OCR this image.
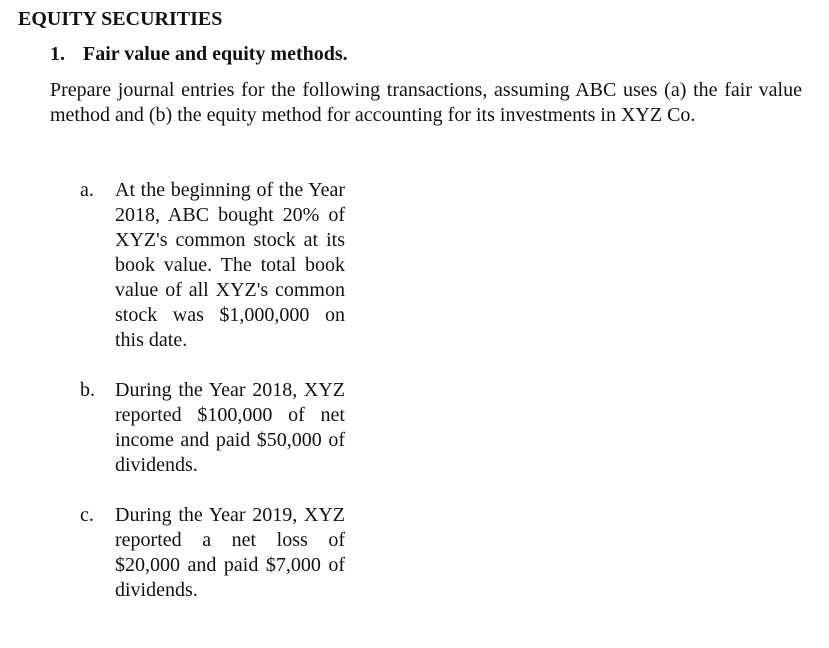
EQUITY SECURITIES
1. Fair value and equity methods.

Prepare journal entries for the following transactions, assuming ABC uses (a) the fair value method and (b) the equity method for accounting for its investments in XYZ Co.

a.	At the beginning of the Year 2018, ABC bought 20% of XYZ's common stock at its book value. The total book value of all XYZ's common stock was $1,000,000 on this date.
b.	During the Year 2018, XYZ reported $100,000 of net income and paid $50,000 of dividends.
c.	During the Year 2019, XYZ reported a net loss of $20,000 and paid $7,000 of dividends.
